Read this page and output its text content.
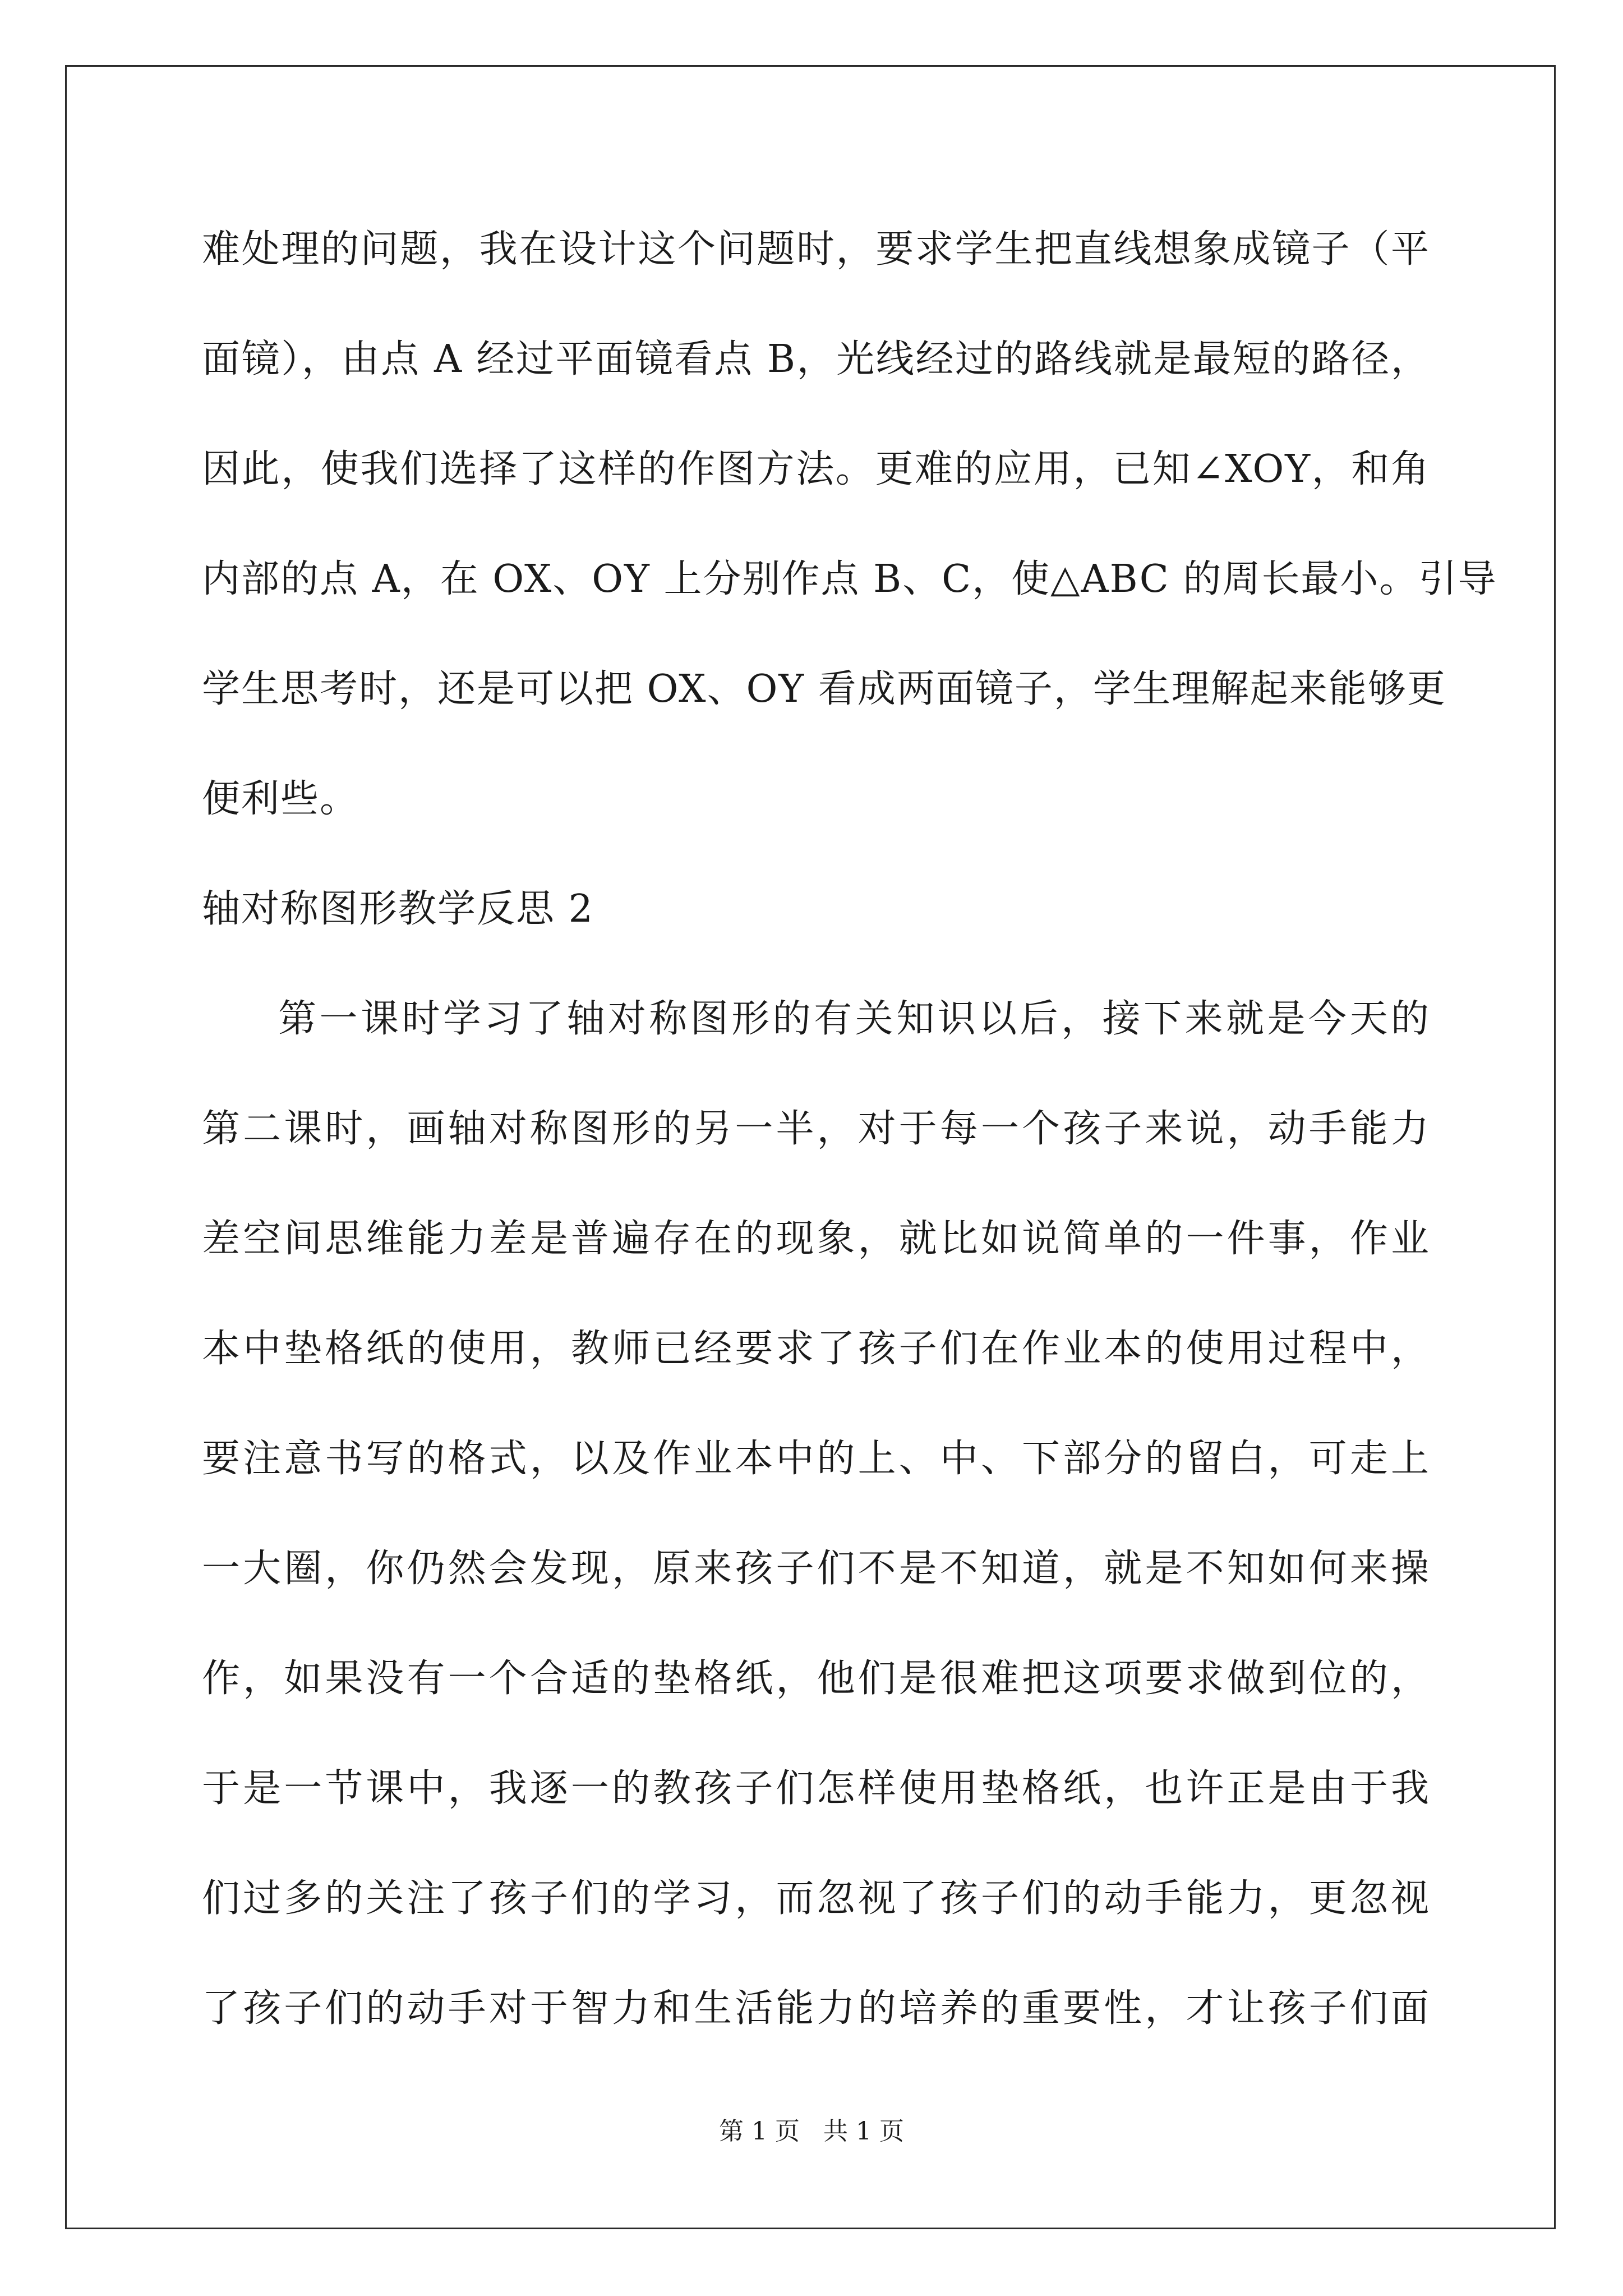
难处理的问题，我在设计这个问题时，要求学生把直线想象成镜子（平
面镜），由点 A 经过平面镜看点 B，光线经过的路线就是最短的路径，
因此，使我们选择了这样的作图方法。更难的应用，已知∠XOY，和角
内部的点 A，在 OX、OY 上分别作点 B、C，使△ABC 的周长最小。引导
学生思考时，还是可以把 OX、OY 看成两面镜子，学生理解起来能够更
便利些。
轴对称图形教学反思 2
第一课时学习了轴对称图形的有关知识以后，接下来就是今天的
第二课时，画轴对称图形的另一半，对于每一个孩子来说，动手能力
差空间思维能力差是普遍存在的现象，就比如说简单的一件事，作业
本中垫格纸的使用，教师已经要求了孩子们在作业本的使用过程中，
要注意书写的格式，以及作业本中的上、中、下部分的留白，可走上
一大圈，你仍然会发现，原来孩子们不是不知道，就是不知如何来操
作，如果没有一个合适的垫格纸，他们是很难把这项要求做到位的，
于是一节课中，我逐一的教孩子们怎样使用垫格纸，也许正是由于我
们过多的关注了孩子们的学习，而忽视了孩子们的动手能力，更忽视
了孩子们的动手对于智力和生活能力的培养的重要性，才让孩子们面
第 1 页   共 1 页
